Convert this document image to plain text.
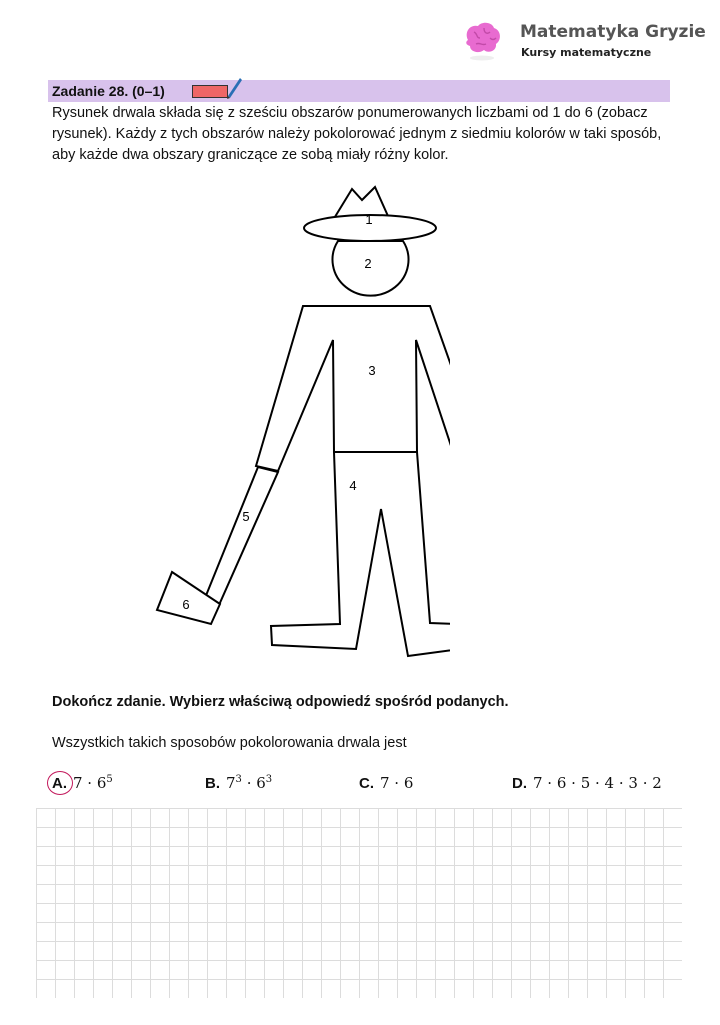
Matematyka Gryzie
Kursy matematyczne
Zadanie 28. (0–1)
Rysunek drwala składa się z sześciu obszarów ponumerowanych liczbami od 1 do 6 (zobacz rysunek). Każdy z tych obszarów należy pokolorować jednym z siedmiu kolorów w taki sposób, aby każde dwa obszary graniczące ze sobą miały różny kolor.
1
2
3
4
5
6
Dokończ zdanie. Wybierz właściwą odpowiedź spośród podanych.
Wszystkich takich sposobów pokolorowania drwala jest
A. $7 \cdot 6^5$	B. $7^3 \cdot 6^3$	C. 7 · 6	D. 7 · 6 · 5 · 4 · 3 · 2
